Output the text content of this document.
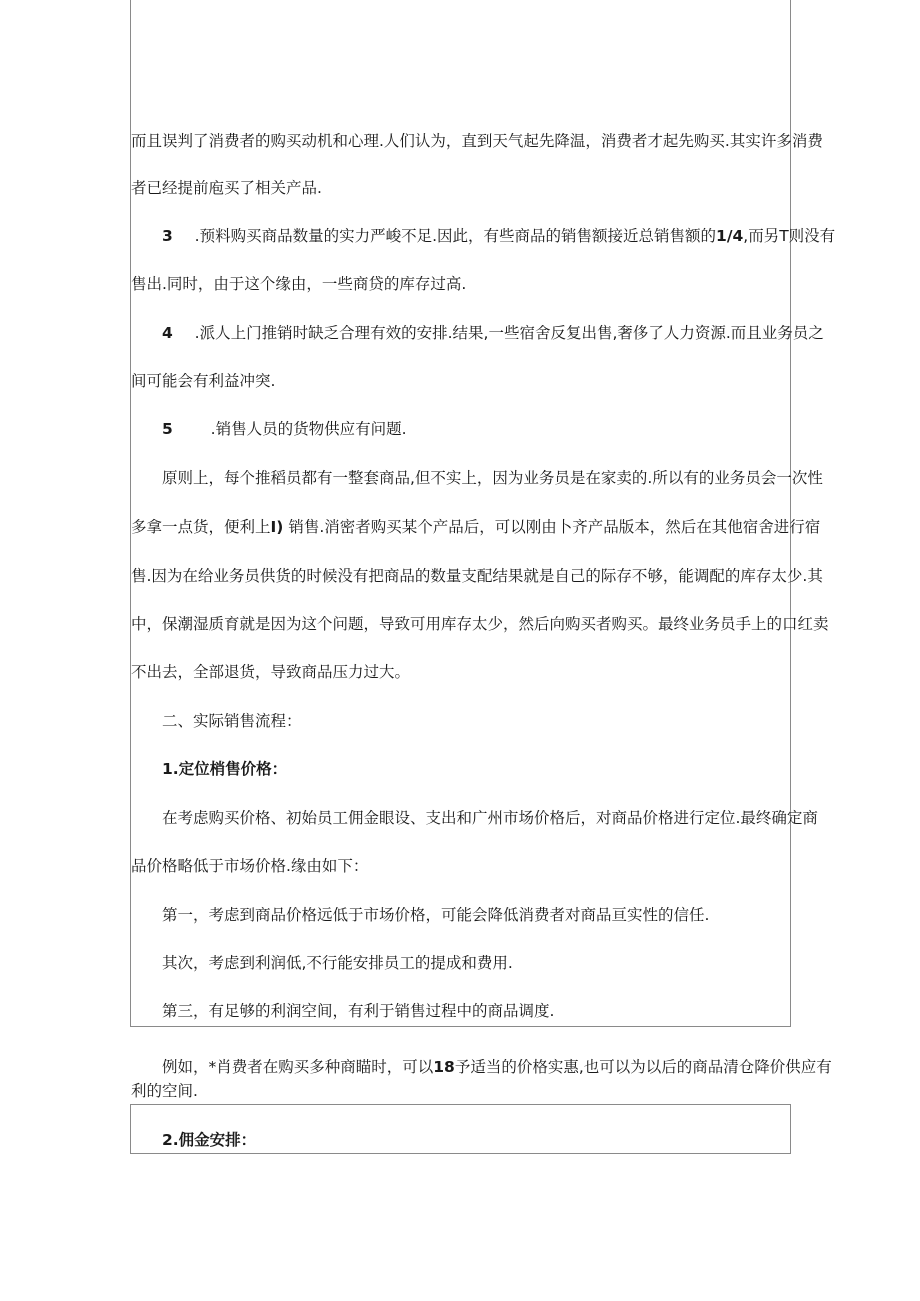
而且误判了消费者的购买动机和心理.人们认为，直到天气起先降温，消费者才起先购买.其实许多消费
者已经提前庖买了相关产品.
3 .预料购买商品数量的实力严峻不足.因此，有些商品的销售额接近总销售额的1/4,而另T则没有
售出.同时，由于这个缘由，一些商贷的库存过高.
4 .派人上门推销时缺乏合理有效的安排.结果,一些宿舍反复出售,奢侈了人力资源.而且业务员之
间可能会有利益冲突.
5 .销售人员的货物供应有问题.
原则上，每个推稻员都有一整套商品,但不实上，因为业务员是在家卖的.所以有的业务员会一次性
多拿一点货，便利上I) 销售.消密者购买某个产品后，可以刚由卜齐产品版本，然后在其他宿舍进行宿
售.因为在给业务员供货的时候没有把商品的数量支配结果就是自己的际存不够，能调配的库存太少.其
中，保潮湿质育就是因为这个问题，导致可用库存太少，然后向购买者购买。最终业务员手上的口红卖
不出去，全部退货，导致商品压力过大。
二、实际销售流程：
1.定位梢售价格：
在考虑购买价格、初始员工佣金眼设、支出和广州市场价格后，对商品价格进行定位.最终确定商
品价格略低于市场价格.缘由如下：
第一，考虑到商品价格远低于市场价格，可能会降低消费者对商品亘实性的信任.
其次，考虑到利润低,不行能安排员工的提成和费用.
第三，有足够的利润空间，有利于销售过程中的商品调度.
例如，*肖费者在购买多种商瞄时，可以18予适当的价格实惠,也可以为以后的商品清仓降价供应有
利的空间.
2.佣金安排：
